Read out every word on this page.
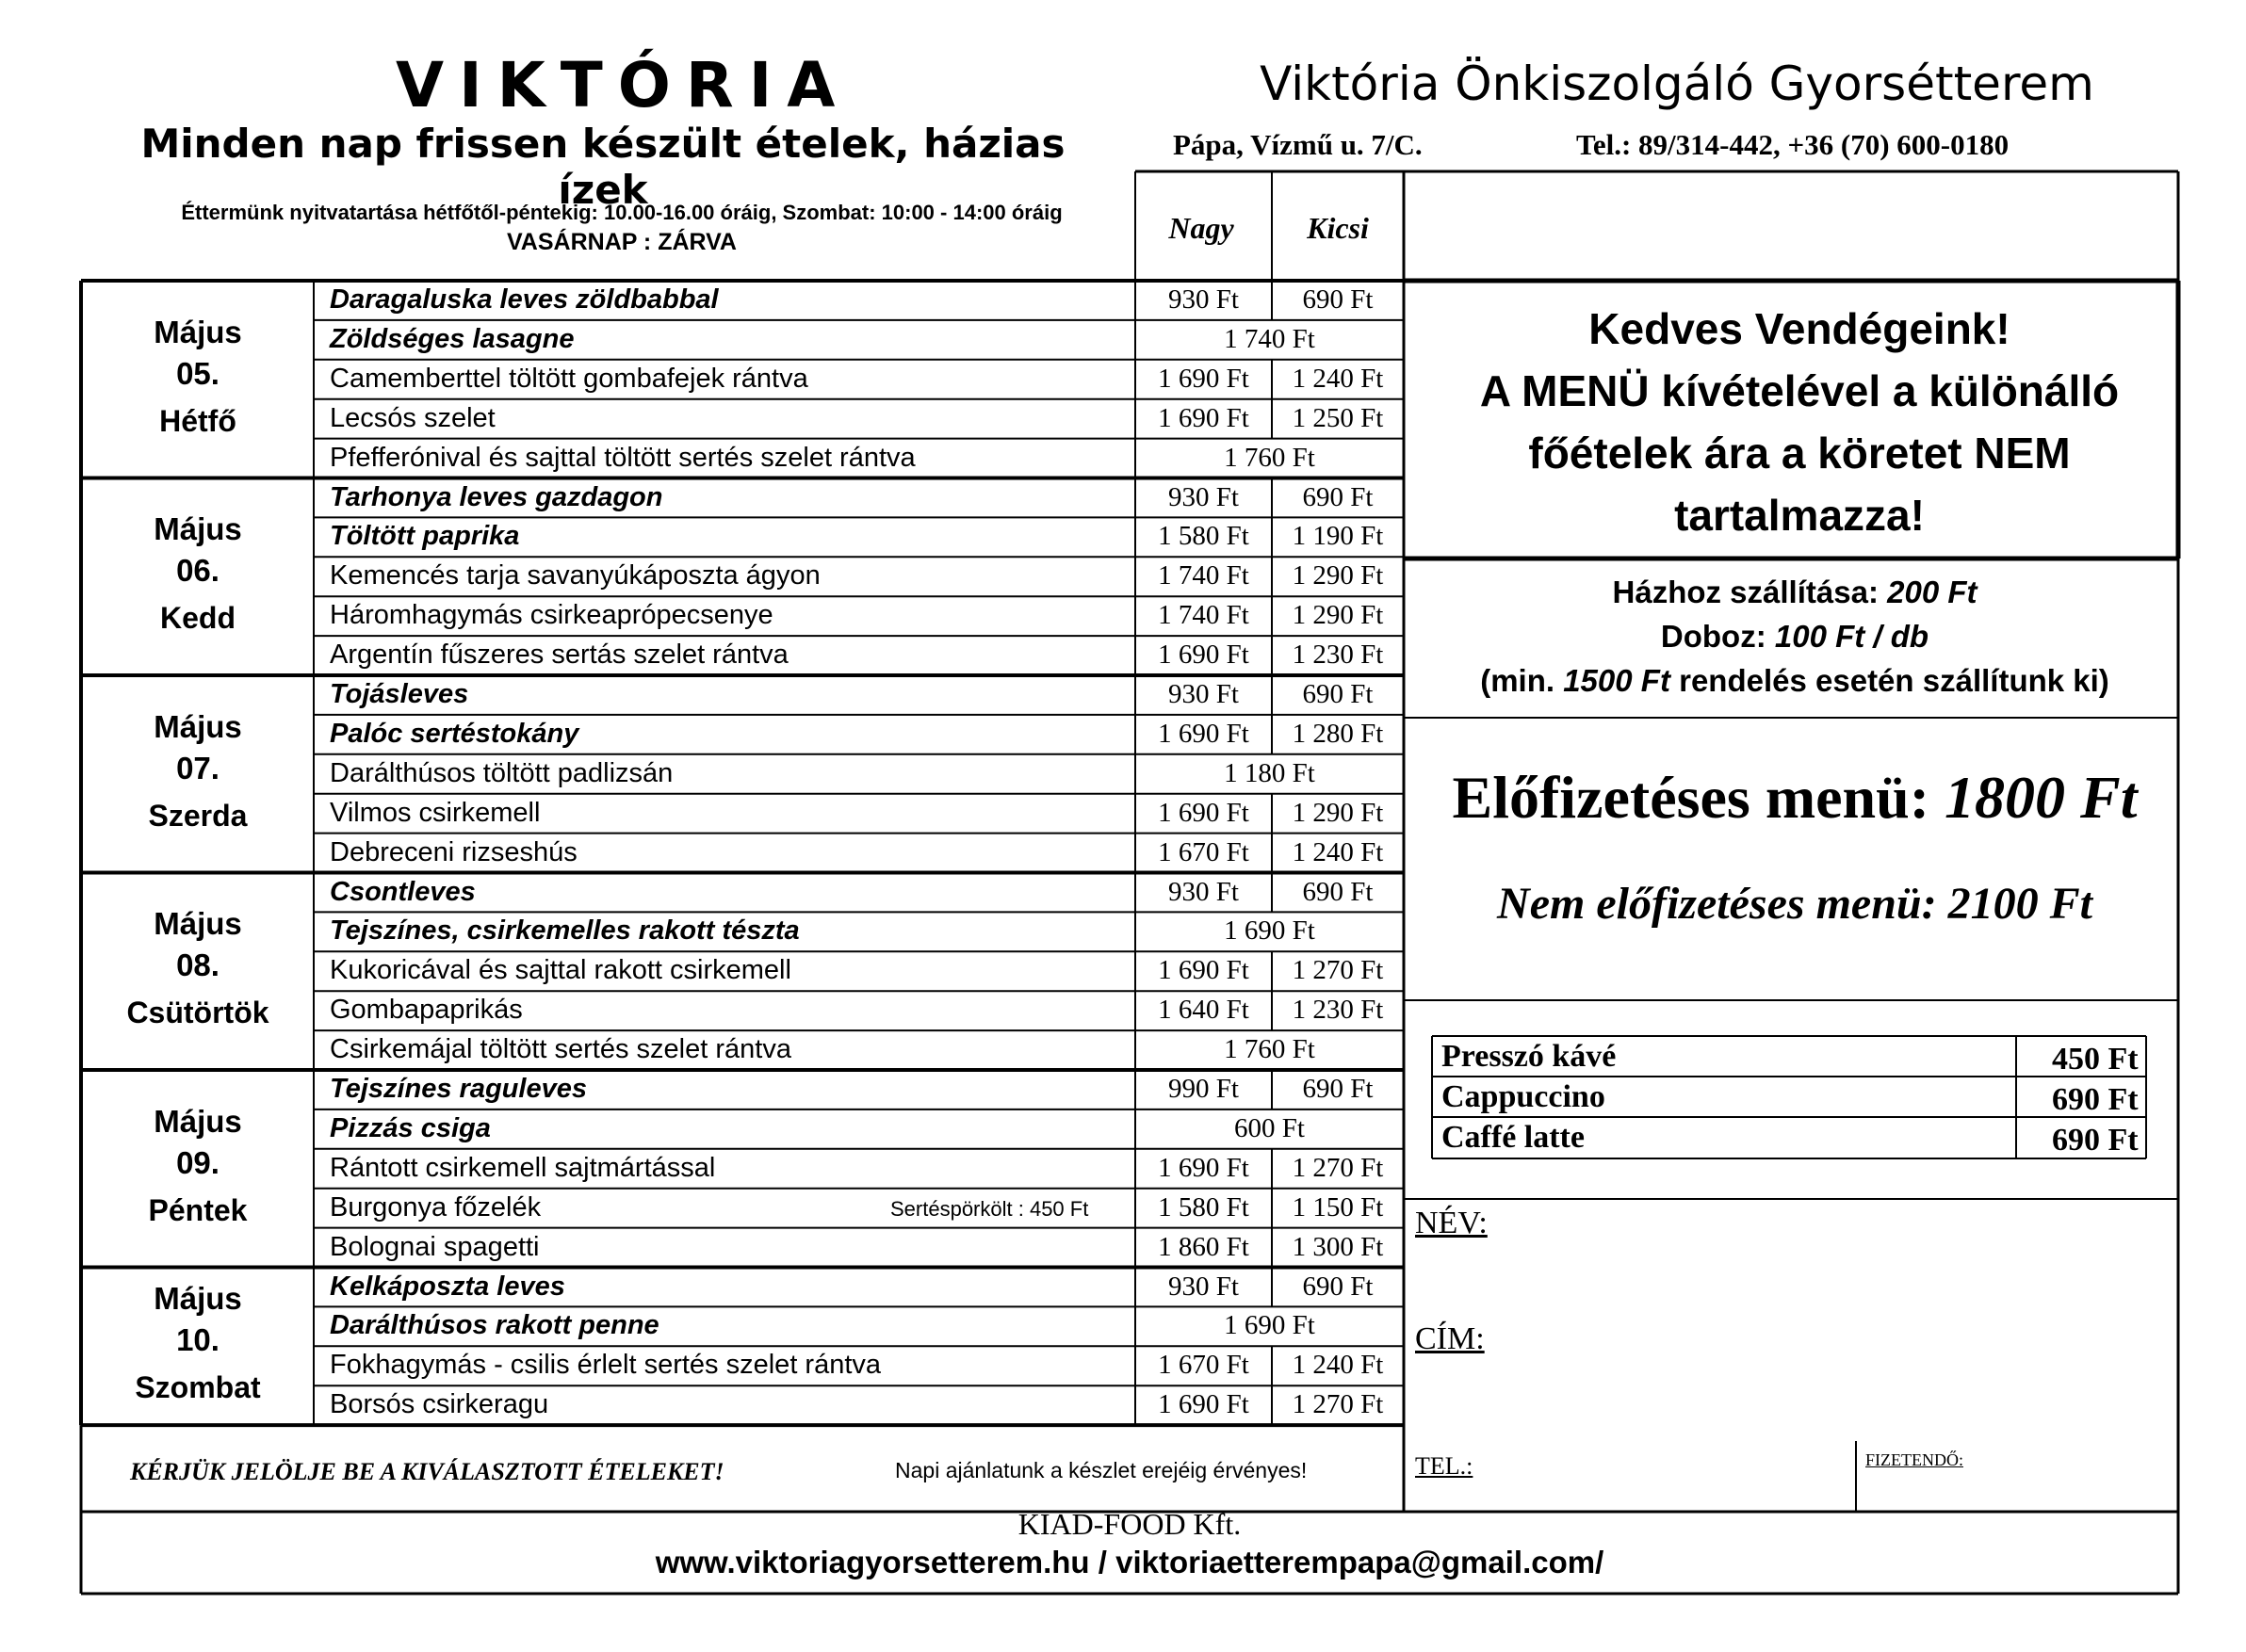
VIKTÓRIA
Minden nap frissen készült ételek, házias ízek
Viktória Önkiszolgáló Gyorsétterem
Pápa, Vízmű u. 7/C.	Tel.: 89/314-442, +36 (70) 600-0180
Éttermünk nyitvatartása hétfőtől-péntekig: 10.00-16.00 óráig, Szombat: 10:00 - 14:00 óráig
VASÁRNAP : ZÁRVA	Nagy	Kicsi
Május
05.
Hétfő
Daragaluska leves zöldbabbal	930 Ft	690 Ft
Zöldséges lasagne	1 740 Ft
Camemberttel töltött gombafejek rántva	1 690 Ft	1 240 Ft
Lecsós szelet	1 690 Ft	1 250 Ft
Pfefferónival és sajttal töltött sertés szelet rántva	1 760 Ft
Május
06.
Kedd
Tarhonya leves gazdagon	930 Ft	690 Ft
Töltött paprika	1 580 Ft	1 190 Ft
Kemencés tarja savanyúkáposzta ágyon	1 740 Ft	1 290 Ft
Háromhagymás csirkeaprópecsenye	1 740 Ft	1 290 Ft
Argentín fűszeres sertás szelet rántva	1 690 Ft	1 230 Ft
Május
07.
Szerda
Tojásleves	930 Ft	690 Ft
Palóc sertéstokány	1 690 Ft	1 280 Ft
Darálthúsos töltött padlizsán	1 180 Ft
Vilmos csirkemell	1 690 Ft	1 290 Ft
Debreceni rizseshús	1 670 Ft	1 240 Ft
Május
08.
Csütörtök
Csontleves	930 Ft	690 Ft
Tejszínes, csirkemelles rakott tészta	1 690 Ft
Kukoricával és sajttal rakott csirkemell	1 690 Ft	1 270 Ft
Gombapaprikás	1 640 Ft	1 230 Ft
Csirkemájal töltött sertés szelet rántva	1 760 Ft
Május
09.
Péntek
Tejszínes raguleves	990 Ft	690 Ft
Pizzás csiga	600 Ft
Rántott csirkemell sajtmártással	1 690 Ft	1 270 Ft
Burgonya főzelék	Sertéspörkölt : 450 Ft	1 580 Ft	1 150 Ft
Bolognai spagetti	1 860 Ft	1 300 Ft
Május
10.
Szombat
Kelkáposzta leves	930 Ft	690 Ft
Darálthúsos rakott penne	1 690 Ft
Fokhagymás - csilis érlelt sertés szelet rántva	1 670 Ft	1 240 Ft
Borsós csirkeragu	1 690 Ft	1 270 Ft
Kedves Vendégeink!
A MENÜ kívételével a különálló
főételek ára a köretet NEM
tartalmazza!
Házhoz szállítása: 200 Ft
Doboz: 100 Ft / db
(min. 1500 Ft rendelés esetén szállítunk ki)
Előfizetéses menü: 1800 Ft
Nem előfizetéses menü: 2100 Ft
Presszó kávé	450 Ft
Cappuccino	690 Ft
Caffé latte	690 Ft
NÉV:
CÍM:
TEL.:	FIZETENDŐ:
KÉRJÜK JELÖLJE BE A KIVÁLASZTOTT ÉTELEKET!	Napi ajánlatunk a készlet erejéig érvényes!
KIAD-FOOD Kft.
www.viktoriagyorsetterem.hu / viktoriaetterempapa@gmail.com/
